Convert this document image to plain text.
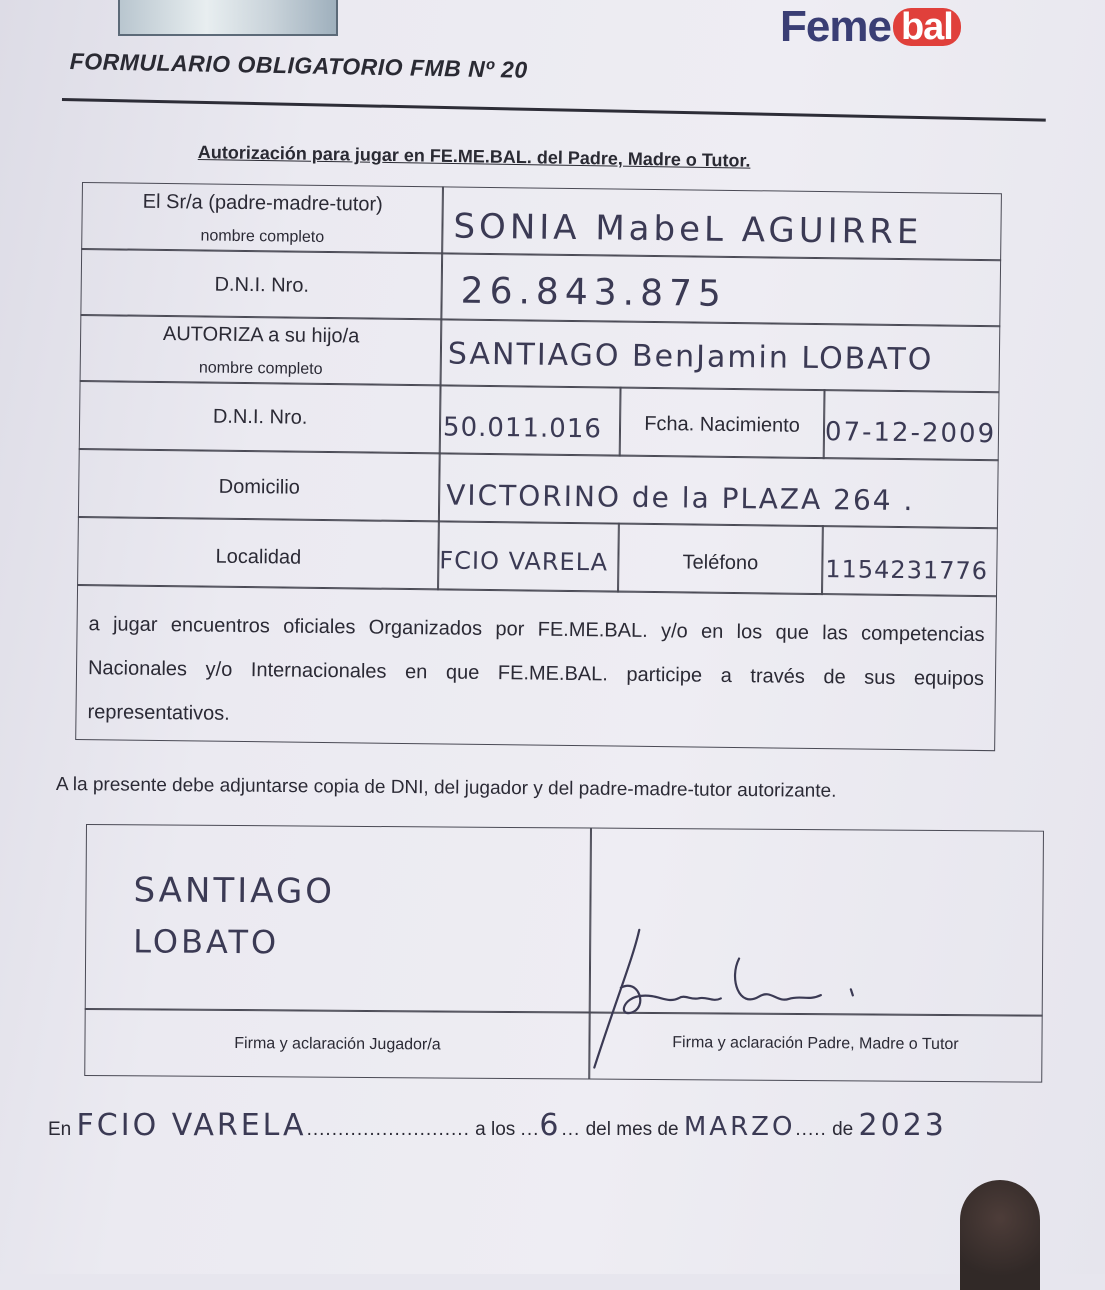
Feme bal
FORMULARIO OBLIGATORIO FMB Nº 20
Autorización para jugar en FE.ME.BAL. del Padre, Madre o Tutor.
El Sr/a (padre-madre-tutor)
nombre completo	SONIA MabeL AGUIRRE
D.N.I. Nro.	26.843.875
AUTORIZA a su hijo/a
nombre completo	SANTIAGO BenJamin LOBATO
D.N.I. Nro.	50.011.016	Fcha. Nacimiento 07-12-2009
Domicilio	VICTORINO de la PLAZA 264 .
Localidad	FCIO VARELA	Teléfono	1154231776
a jugar encuentros oficiales Organizados por FE.ME.BAL. y/o en los que las competencias Nacionales y/o Internacionales en que FE.ME.BAL. participe a través de sus equipos representativos.
A la presente debe adjuntarse copia de DNI, del jugador y del padre-madre-tutor autorizante.
SANTIAGO
LOBATO
Firma y aclaración Jugador/a	Firma y aclaración Padre, Madre o Tutor
En FCIO VARELA.......................... a los ...6... del mes de MARZO..... de 2023
